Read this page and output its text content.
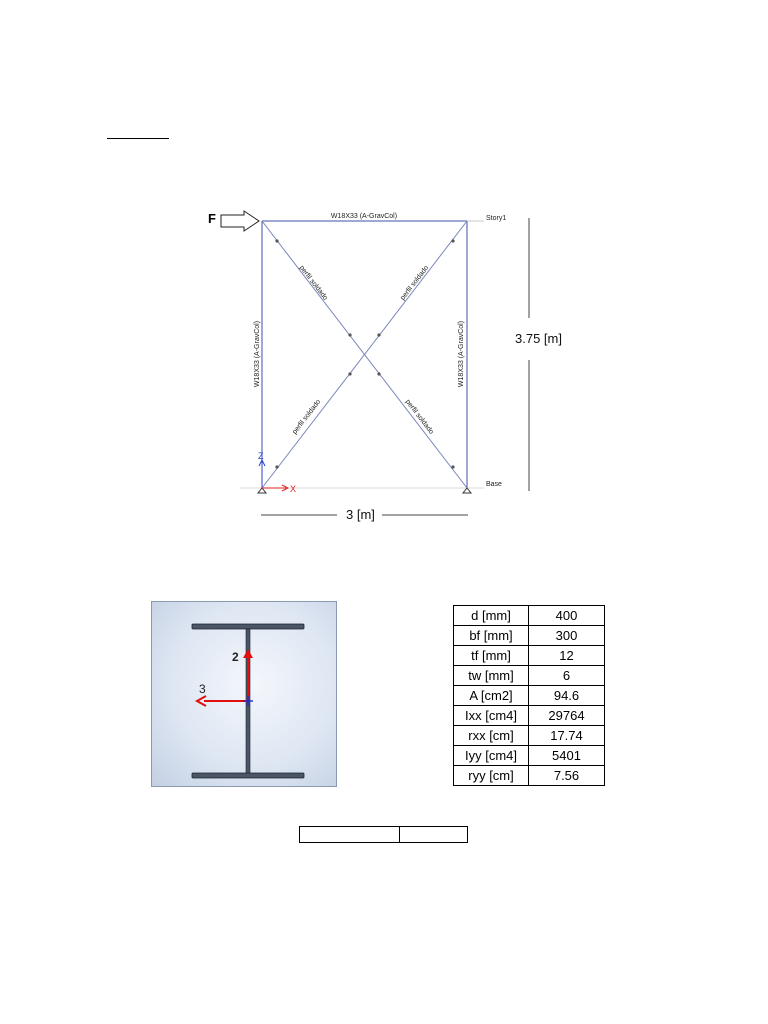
Z
X
F	W18X33 (A-GravCol)
W18X33 (A-GravCol)	W18X33 (A-GravCol)
perfil soldado	perfil soldado
perfil soldado	perfil soldado
Story1
Base
3.75 [m]
3 [m]
2
3
d [mm]	400
bf [mm]	300
tf [mm]	12
tw [mm]	6
A [cm2]	94.6
Ixx [cm4]	29764
rxx [cm]	17.74
Iyy [cm4]	5401
ryy [cm]	7.56
